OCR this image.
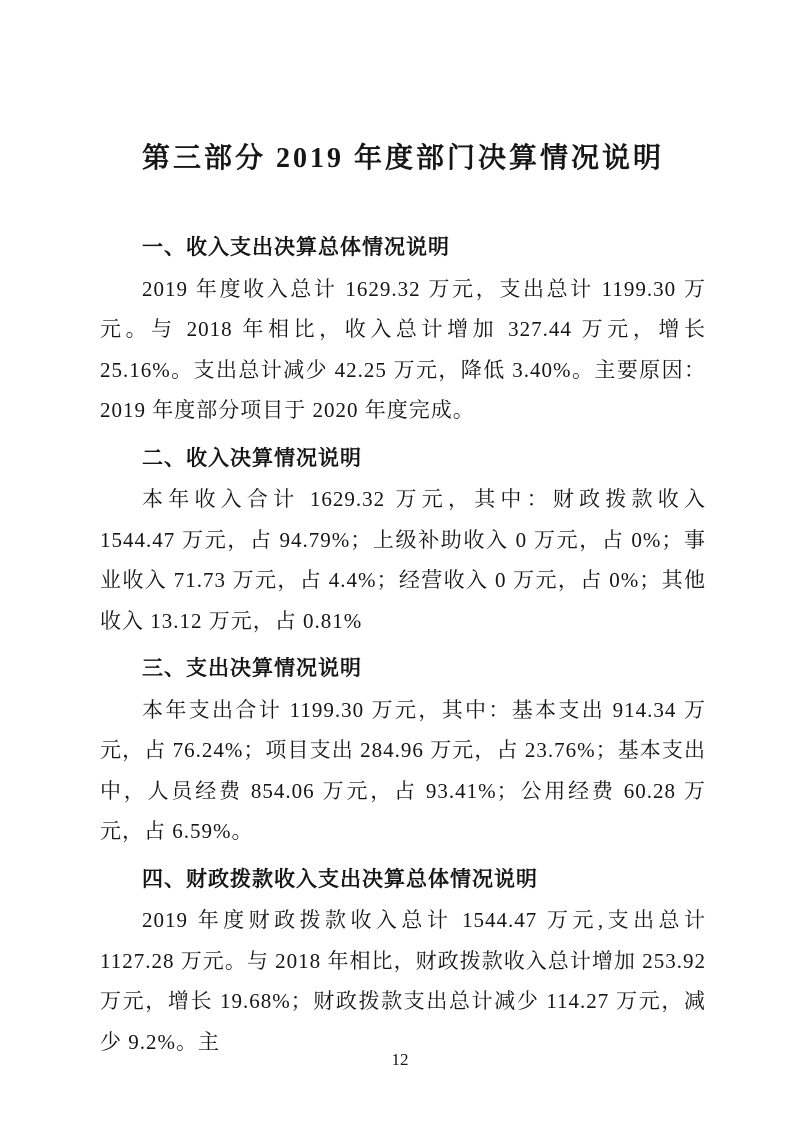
第三部分 2019 年度部门决算情况说明
一、收入支出决算总体情况说明

2019 年度收入总计 1629.32 万元，支出总计 1199.30 万元。与 2018 年相比，收入总计增加 327.44 万元，增长 25.16%。支出总计减少 42.25 万元，降低 3.40%。主要原因：2019 年度部分项目于 2020 年度完成。

二、收入决算情况说明

本年收入合计 1629.32 万元，其中：财政拨款收入 1544.47 万元，占 94.79%；上级补助收入 0 万元，占 0%；事业收入 71.73 万元，占 4.4%；经营收入 0 万元，占 0%；其他收入 13.12 万元，占 0.81%

三、支出决算情况说明

本年支出合计 1199.30 万元，其中：基本支出 914.34 万元，占 76.24%；项目支出 284.96 万元，占 23.76%；基本支出中，人员经费 854.06 万元，占 93.41%；公用经费 60.28 万元，占 6.59%。

四、财政拨款收入支出决算总体情况说明

2019 年度财政拨款收入总计 1544.47 万元,支出总计 1127.28 万元。与 2018 年相比，财政拨款收入总计增加 253.92 万元，增长 19.68%；财政拨款支出总计减少 114.27 万元，减少 9.2%。主

12
